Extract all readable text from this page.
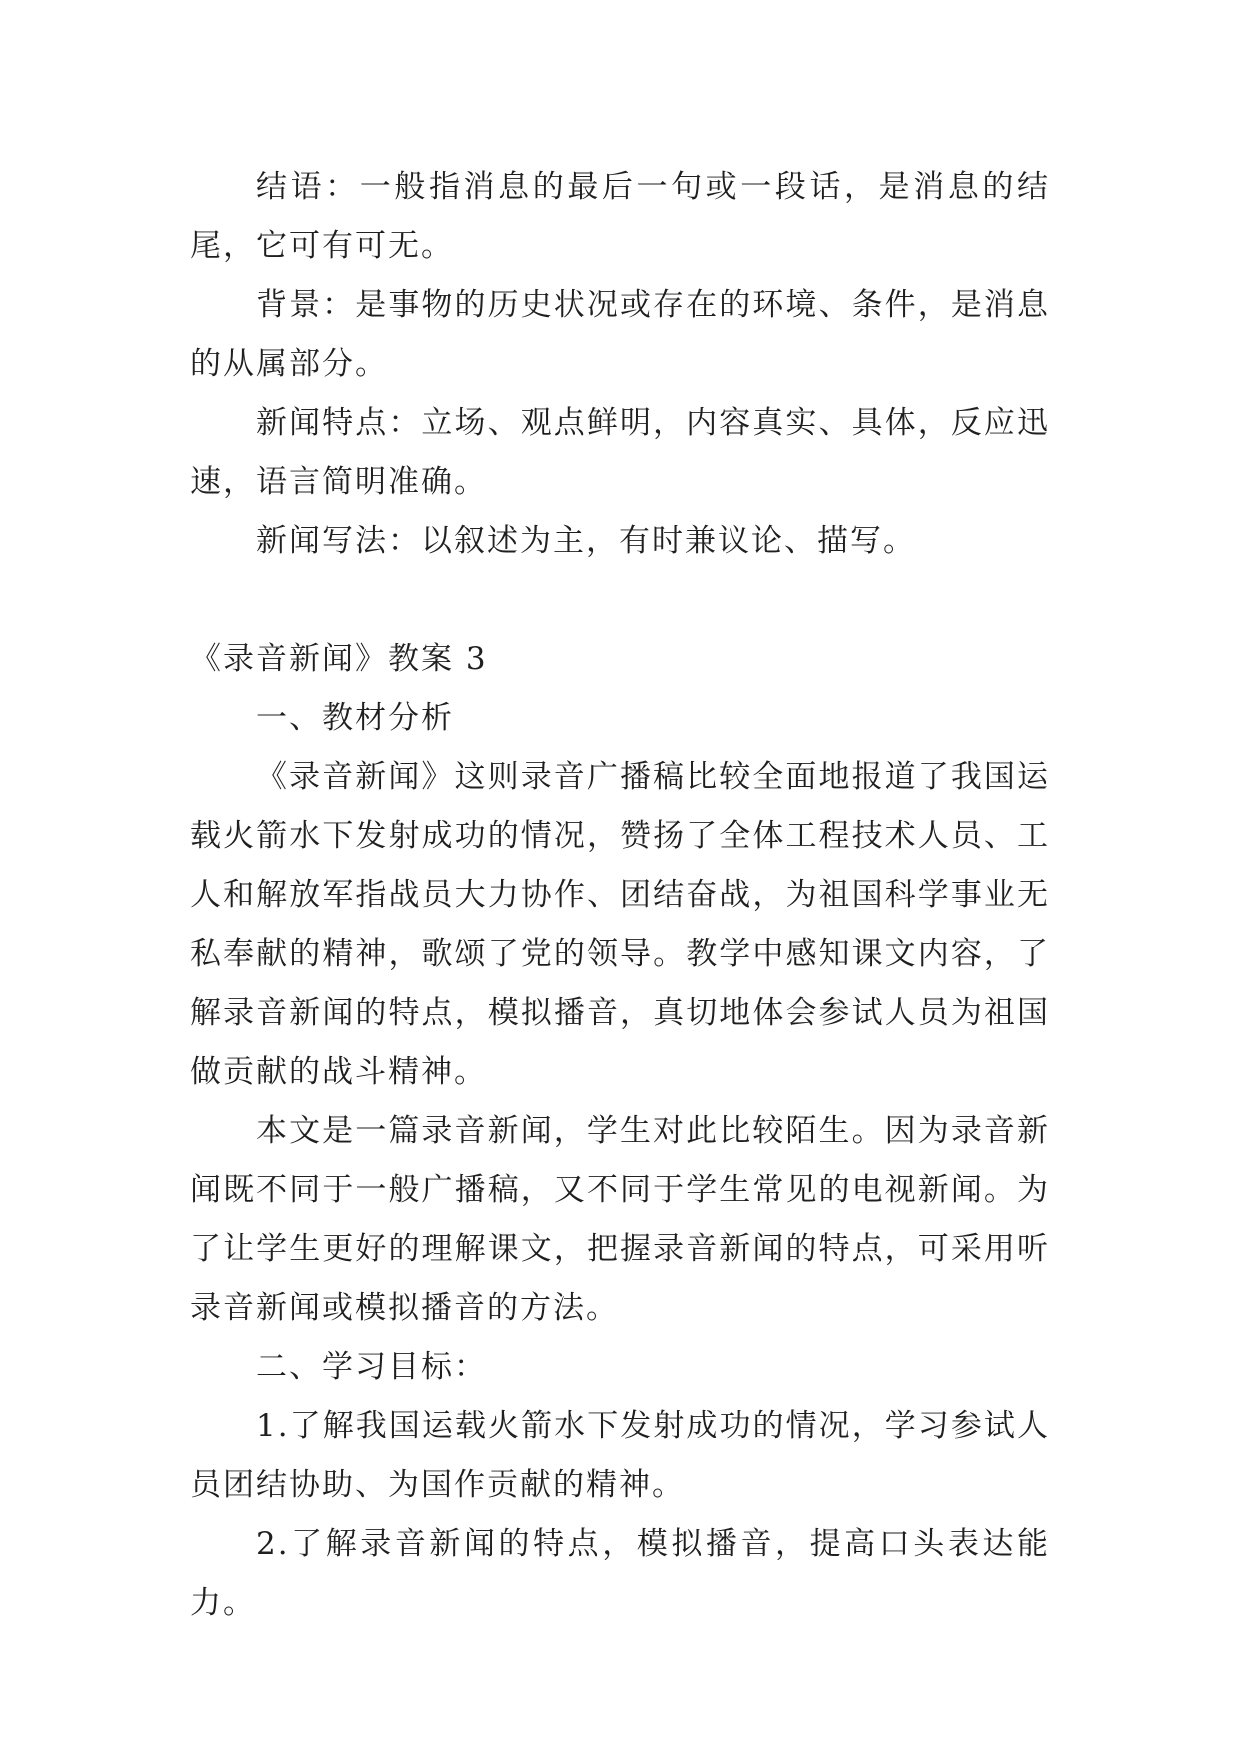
结语：一般指消息的最后一句或一段话，是消息的结尾，它可有可无。

背景：是事物的历史状况或存在的环境、条件，是消息的从属部分。

新闻特点：立场、观点鲜明，内容真实、具体，反应迅速，语言简明准确。

新闻写法：以叙述为主，有时兼议论、描写。

《录音新闻》教案 3

一、教材分析

《录音新闻》这则录音广播稿比较全面地报道了我国运载火箭水下发射成功的情况，赞扬了全体工程技术人员、工人和解放军指战员大力协作、团结奋战，为祖国科学事业无私奉献的精神，歌颂了党的领导。教学中感知课文内容，了解录音新闻的特点，模拟播音，真切地体会参试人员为祖国做贡献的战斗精神。

本文是一篇录音新闻，学生对此比较陌生。因为录音新闻既不同于一般广播稿，又不同于学生常见的电视新闻。为了让学生更好的理解课文，把握录音新闻的特点，可采用听录音新闻或模拟播音的方法。

二、学习目标：

1.了解我国运载火箭水下发射成功的情况，学习参试人员团结协助、为国作贡献的精神。

2.了解录音新闻的特点，模拟播音，提高口头表达能力。
